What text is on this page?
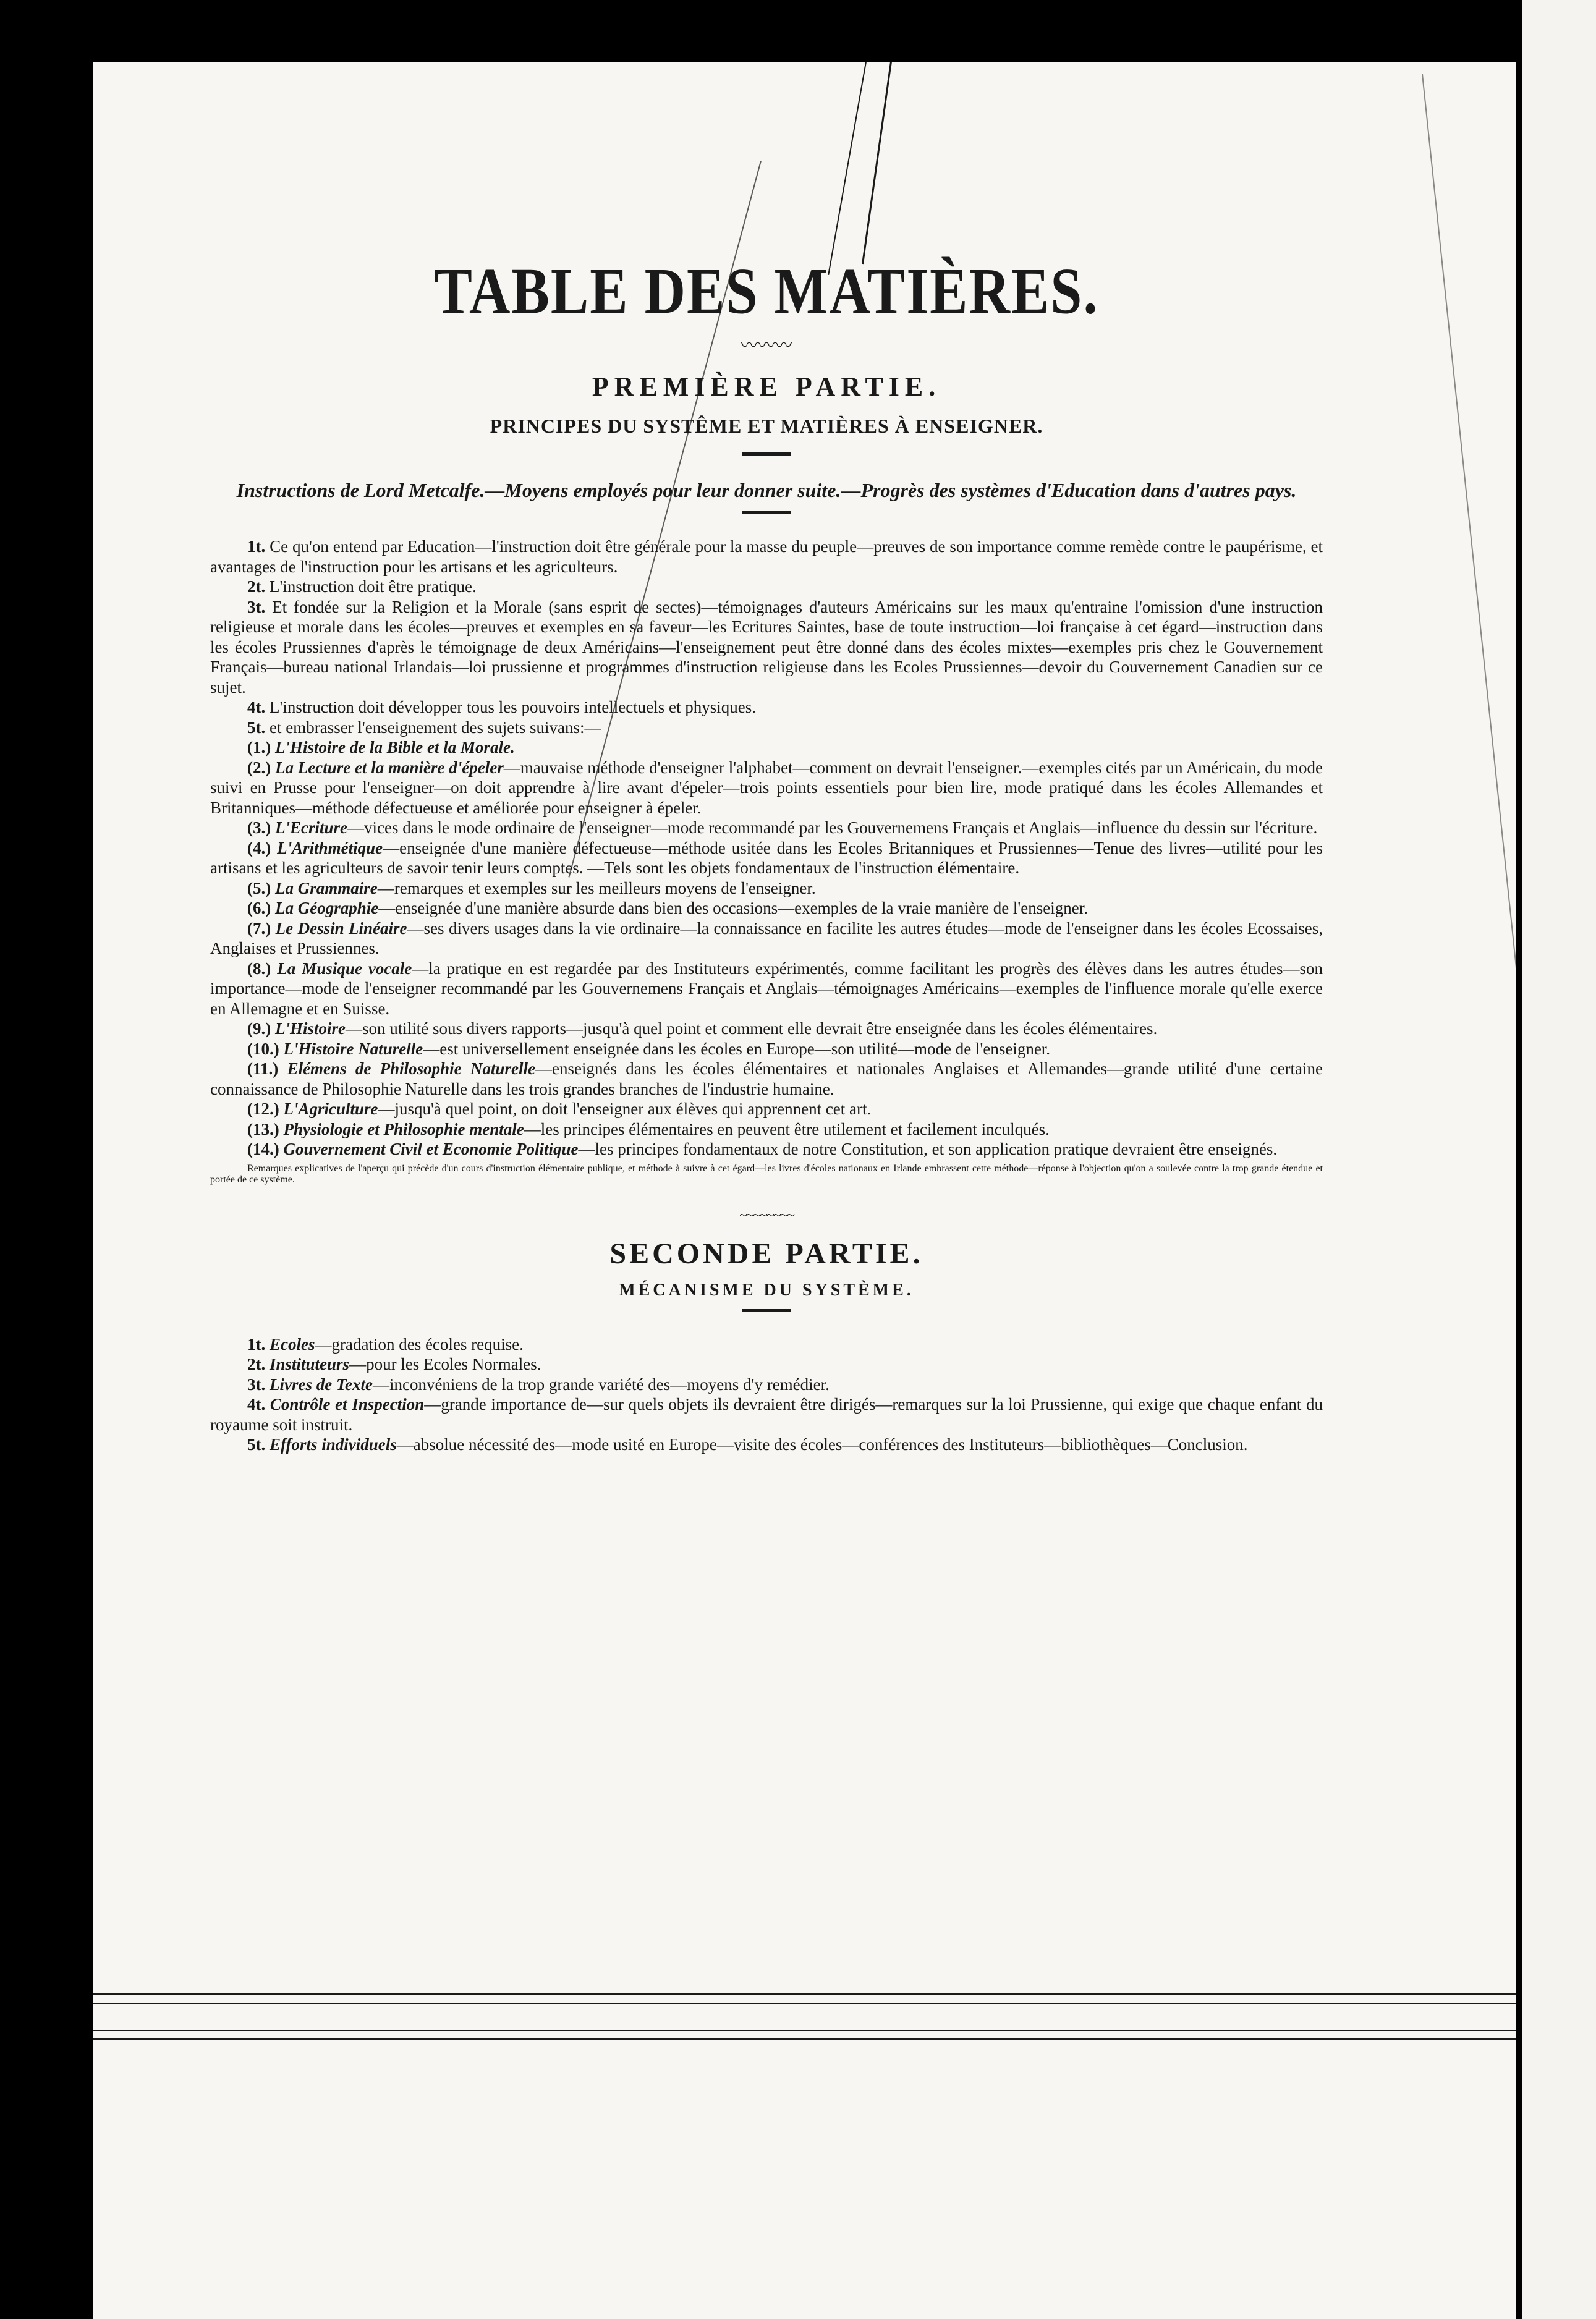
TABLE DES MATIÈRES.
〰〰〰
PREMIÈRE PARTIE.
PRINCIPES DU SYSTÊME ET MATIÈRES À ENSEIGNER.

Instructions de Lord Metcalfe.—Moyens employés pour leur donner suite.—Progrès des systèmes d'Education dans d'autres pays.

1t. Ce qu'on entend par Education—l'instruction doit être générale pour la masse du peuple—preuves de son importance comme remède contre le paupérisme, et avantages de l'instruction pour les artisans et les agriculteurs.

2t. L'instruction doit être pratique.

3t. Et fondée sur la Religion et la Morale (sans esprit de sectes)—témoignages d'auteurs Américains sur les maux qu'entraine l'omission d'une instruction religieuse et morale dans les écoles—preuves et exemples en sa faveur—les Ecritures Saintes, base de toute instruction—loi française à cet égard—instruction dans les écoles Prussiennes d'après le témoignage de deux Américains—l'enseignement peut être donné dans des écoles mixtes—exemples pris chez le Gouvernement Français—bureau national Irlandais—loi prussienne et programmes d'instruction religieuse dans les Ecoles Prussiennes—devoir du Gouvernement Canadien sur ce sujet.

4t. L'instruction doit développer tous les pouvoirs intellectuels et physiques.

5t. et embrasser l'enseignement des sujets suivans:—

(1.) L'Histoire de la Bible et la Morale.

(2.) La Lecture et la manière d'épeler—mauvaise méthode d'enseigner l'alphabet—comment on devrait l'enseigner.—exemples cités par un Américain, du mode suivi en Prusse pour l'enseigner—on doit apprendre à lire avant d'épeler—trois points essentiels pour bien lire, mode pratiqué dans les écoles Allemandes et Britanniques—méthode défectueuse et améliorée pour enseigner à épeler.

(3.) L'Ecriture—vices dans le mode ordinaire de l'enseigner—mode recommandé par les Gouvernemens Français et Anglais—influence du dessin sur l'écriture.

(4.) L'Arithmétique—enseignée d'une manière défectueuse—méthode usitée dans les Ecoles Britanniques et Prussiennes—Tenue des livres—utilité pour les artisans et les agriculteurs de savoir tenir leurs comptes. —Tels sont les objets fondamentaux de l'instruction élémentaire.

(5.) La Grammaire—remarques et exemples sur les meilleurs moyens de l'enseigner.

(6.) La Géographie—enseignée d'une manière absurde dans bien des occasions—exemples de la vraie manière de l'enseigner.

(7.) Le Dessin Linéaire—ses divers usages dans la vie ordinaire—la connaissance en facilite les autres études—mode de l'enseigner dans les écoles Ecossaises, Anglaises et Prussiennes.

(8.) La Musique vocale—la pratique en est regardée par des Instituteurs expérimentés, comme facilitant les progrès des élèves dans les autres études—son importance—mode de l'enseigner recommandé par les Gouvernemens Français et Anglais—témoignages Américains—exemples de l'influence morale qu'elle exerce en Allemagne et en Suisse.

(9.) L'Histoire—son utilité sous divers rapports—jusqu'à quel point et comment elle devrait être enseignée dans les écoles élémentaires.

(10.) L'Histoire Naturelle—est universellement enseignée dans les écoles en Europe—son utilité—mode de l'enseigner.

(11.) Elémens de Philosophie Naturelle—enseignés dans les écoles élémentaires et nationales Anglaises et Allemandes—grande utilité d'une certaine connaissance de Philosophie Naturelle dans les trois grandes branches de l'industrie humaine.

(12.) L'Agriculture—jusqu'à quel point, on doit l'enseigner aux élèves qui apprennent cet art.

(13.) Physiologie et Philosophie mentale—les principes élémentaires en peuvent être utilement et facilement inculqués.

(14.) Gouvernement Civil et Economie Politique—les principes fondamentaux de notre Constitution, et son application pratique devraient être enseignés.

Remarques explicatives de l'aperçu qui précède d'un cours d'instruction élémentaire publique, et méthode à suivre à cet égard—les livres d'écoles nationaux en Irlande embrassent cette méthode—réponse à l'objection qu'on a soulevée contre la trop grande étendue et portée de ce système.

~~~~~~~~
SECONDE PARTIE.
MÉCANISME DU SYSTÈME.

1t. Ecoles—gradation des écoles requise.

2t. Instituteurs—pour les Ecoles Normales.

3t. Livres de Texte—inconvéniens de la trop grande variété des—moyens d'y remédier.

4t. Contrôle et Inspection—grande importance de—sur quels objets ils devraient être dirigés—remarques sur la loi Prussienne, qui exige que chaque enfant du royaume soit instruit.

5t. Efforts individuels—absolue nécessité des—mode usité en Europe—visite des écoles—conférences des Instituteurs—bibliothèques—Conclusion.
